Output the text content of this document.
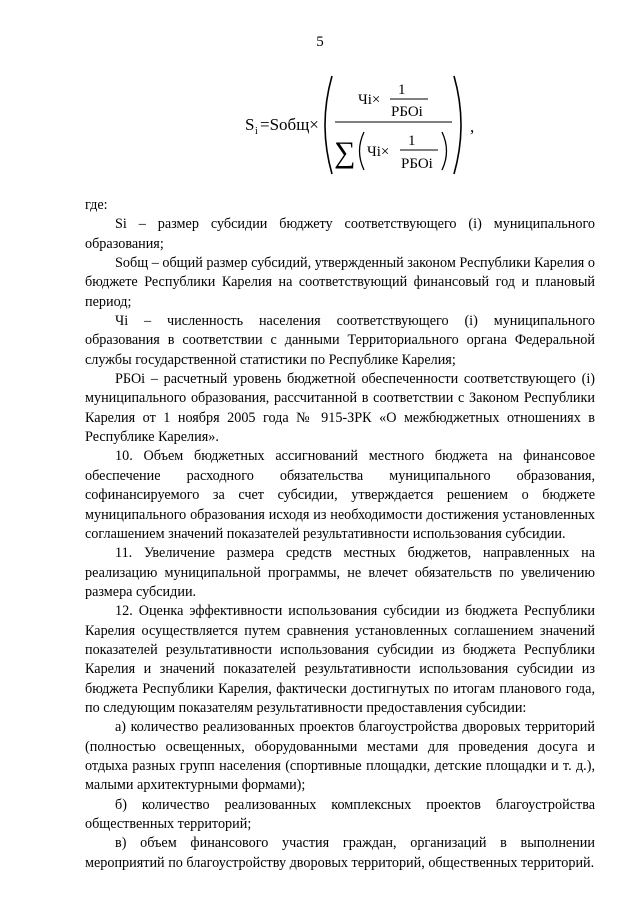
5
S i =Sобщ×
Чi×
1
РБОi
∑ Чi×
1
РБОi
,

где:

Si – размер субсидии бюджету соответствующего (i) муниципального образования;

Sобщ – общий размер субсидий, утвержденный законом Республики Карелия о бюджете Республики Карелия на соответствующий финансовый год и плановый период;

Чi – численность населения соответствующего (i) муниципального образования в соответствии с данными Территориального органа Федеральной службы государственной статистики по Республике Карелия;

РБОi – расчетный уровень бюджетной обеспеченности соответствующего (i) муниципального образования, рассчитанной в соответствии с Законом Республики Карелия от 1 ноября 2005 года № 915-ЗРК «О межбюджетных отношениях в Республике Карелия».

10. Объем бюджетных ассигнований местного бюджета на финансовое обеспечение расходного обязательства муниципального образования, софинансируемого за счет субсидии, утверждается решением о бюджете муниципального образования исходя из необходимости достижения установленных соглашением значений показателей результативности использования субсидии.

11. Увеличение размера средств местных бюджетов, направленных на реализацию муниципальной программы, не влечет обязательств по увеличению размера субсидии.

12. Оценка эффективности использования субсидии из бюджета Республики Карелия осуществляется путем сравнения установленных соглашением значений показателей результативности использования субсидии из бюджета Республики Карелия и значений показателей результативности использования субсидии из бюджета Республики Карелия, фактически достигнутых по итогам планового года, по следующим показателям результативности предоставления субсидии:

а) количество реализованных проектов благоустройства дворовых территорий (полностью освещенных, оборудованными местами для проведения досуга и отдыха разных групп населения (спортивные площадки, детские площадки и т. д.), малыми архитектурными формами);

б) количество реализованных комплексных проектов благоустройства общественных территорий;

в) объем финансового участия граждан, организаций в выполнении мероприятий по благоустройству дворовых территорий, общественных территорий.
